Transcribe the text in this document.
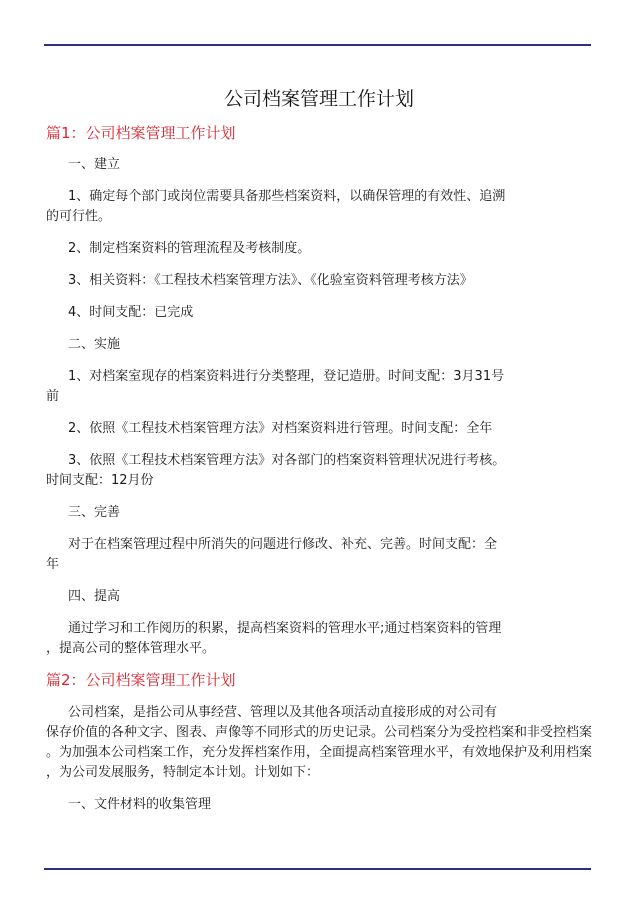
公司档案管理工作计划
篇1：公司档案管理工作计划
一、建立
1、确定每个部门或岗位需要具备那些档案资料，以确保管理的有效性、追溯
的可行性。
2、制定档案资料的管理流程及考核制度。
3、相关资料：《工程技术档案管理方法》、《化验室资料管理考核方法》
4、时间支配：已完成
二、实施
1、对档案室现存的档案资料进行分类整理，登记造册。时间支配：3月31号
前
2、依照《工程技术档案管理方法》对档案资料进行管理。时间支配：全年
3、依照《工程技术档案管理方法》对各部门的档案资料管理状况进行考核。
时间支配：12月份
三、完善
对于在档案管理过程中所消失的问题进行修改、补充、完善。时间支配：全
年
四、提高
通过学习和工作阅历的积累，提高档案资料的管理水平;通过档案资料的管理
，提高公司的整体管理水平。
篇2：公司档案管理工作计划
公司档案，是指公司从事经营、管理以及其他各项活动直接形成的对公司有
保存价值的各种文字、图表、声像等不同形式的历史记录。公司档案分为受控档案和非受控档案
。为加强本公司档案工作，充分发挥档案作用，全面提高档案管理水平，有效地保护及利用档案
，为公司发展服务，特制定本计划。计划如下：
一、文件材料的收集管理
